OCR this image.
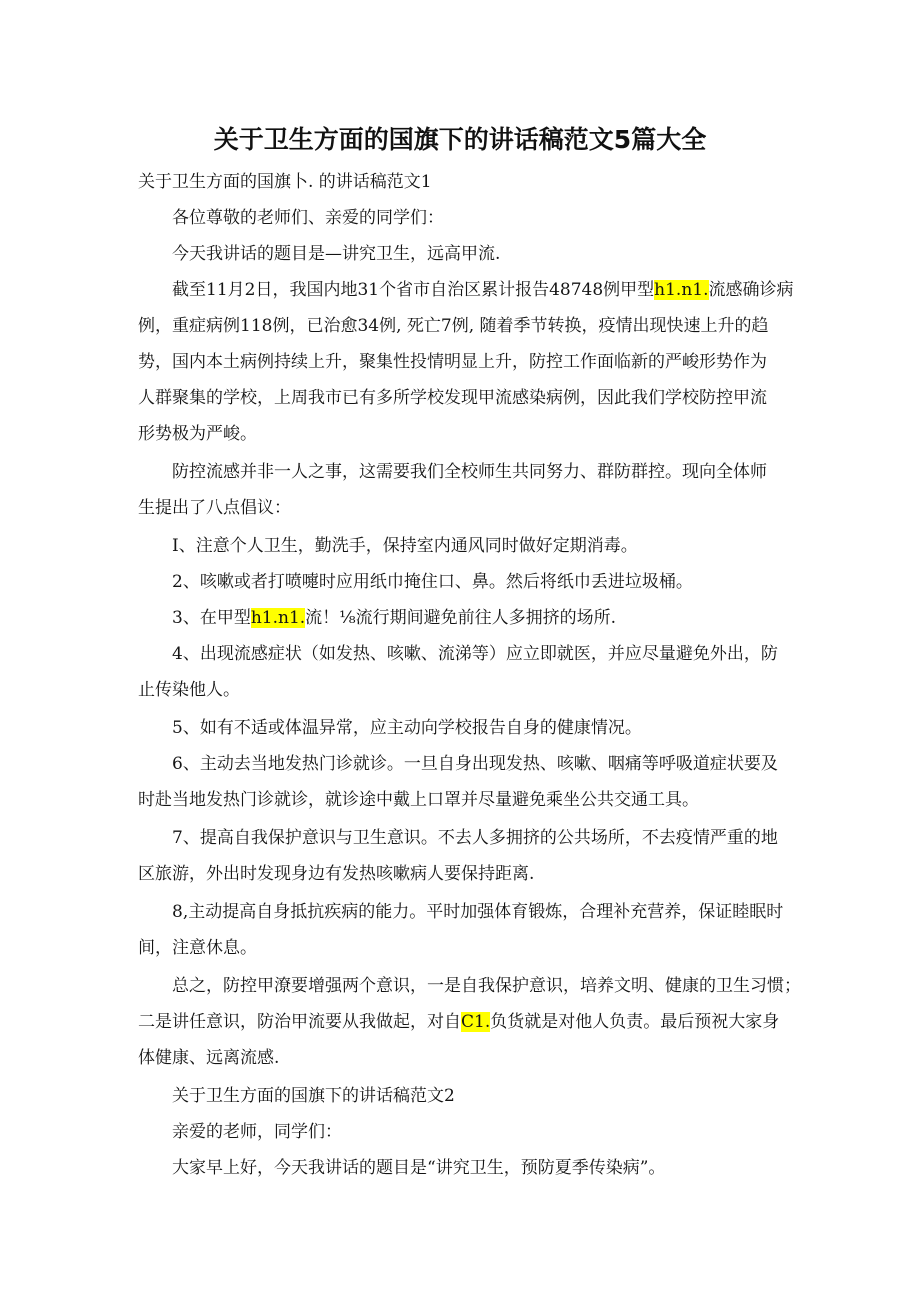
关于卫生方面的国旗下的讲话稿范文5篇大全

关于卫生方面的国旗卜. 的讲话稿范文1

各位尊敬的老师们、亲爱的同学们：

今天我讲话的题目是—讲究卫生，远高甲流.

截至11月2日，我国内地31个省市自治区累计报告48748例甲型h1.n1.流感确诊病

例，重症病例118例，已治愈34例, 死亡7例, 随着季节转换，疫情出现快速上升的趋

势，国内本土病例持续上升，聚集性投情明显上升，防控工作面临新的严峻形势作为

人群聚集的学校，上周我市已有多所学校发现甲流感染病例，因此我们学校防控甲流

形势极为严峻。

防控流感并非一人之事，这需要我们全校师生共同努力、群防群控。现向全体师

生提出了八点倡议：

I、注意个人卫生，勤洗手，保持室内通风同时做好定期消毒。

2、咳嗽或者打喷嚏时应用纸巾掩住口、鼻。然后将纸巾丢进垃圾桶。

3、在甲型h1.n1.流！⅛流行期间避免前往人多拥挤的场所.

4、出现流感症状（如发热、咳嗽、流涕等）应立即就医，并应尽量避免外出，防

止传染他人。

5、如有不适或体温异常，应主动向学校报告自身的健康情况。

6、主动去当地发热门诊就诊。一旦自身出现发热、咳嗽、咽痛等呼吸道症状要及

时赴当地发热门诊就诊，就诊途中戴上口罩并尽量避免乘坐公共交通工具。

7、提高自我保护意识与卫生意识。不去人多拥挤的公共场所，不去疫情严重的地

区旅游，外出时发现身边有发热咳嗽病人要保持距离.

8,主动提高自身抵抗疾病的能力。平时加强体育锻炼，合理补充营养，保证睦眠时

间，注意休息。

总之，防控甲潦要增强两个意识，一是自我保护意识，培养文明、健康的卫生习惯；

二是讲任意识，防治甲流要从我做起，对自C1.负货就是对他人负责。最后预祝大家身

体健康、远离流感.

关于卫生方面的国旗下的讲话稿范文2

亲爱的老师，同学们：

大家早上好，今天我讲话的题目是“讲究卫生，预防夏季传染病”。
